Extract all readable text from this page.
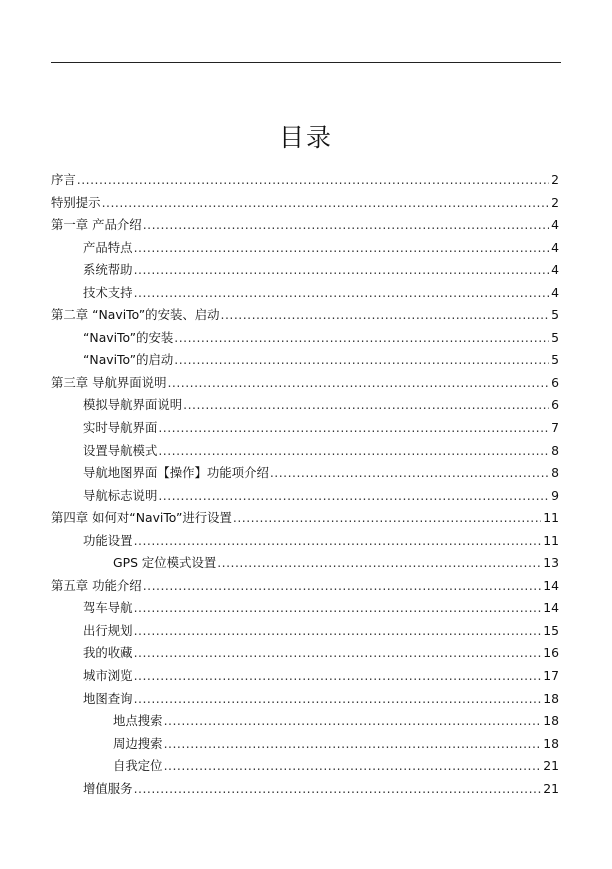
目录
序言 .....	2
特别提示 .....	2
第一章 产品介绍 .....	4
产品特点 .....	4
系统帮助 .....	4
技术支持 .....	4
第二章 “NaviTo”的安装、启动 .....	5
“NaviTo”的安装 .....	5
“NaviTo”的启动 .....	5
第三章 导航界面说明 .....	6
模拟导航界面说明 .....	6
实时导航界面 .....	7
设置导航模式 .....	8
导航地图界面【操作】功能项介绍 .....	8
导航标志说明 .....	9
第四章 如何对“NaviTo”进行设置 .....	11
功能设置 .....	11
GPS 定位模式设置 .....	13
第五章 功能介绍 .....	14
驾车导航 .....	14
出行规划 .....	15
我的收藏 .....	16
城市浏览 .....	17
地图查询 .....	18
地点搜索 .....	18
周边搜索 .....	18
自我定位 .....	21
增值服务 .....	21
